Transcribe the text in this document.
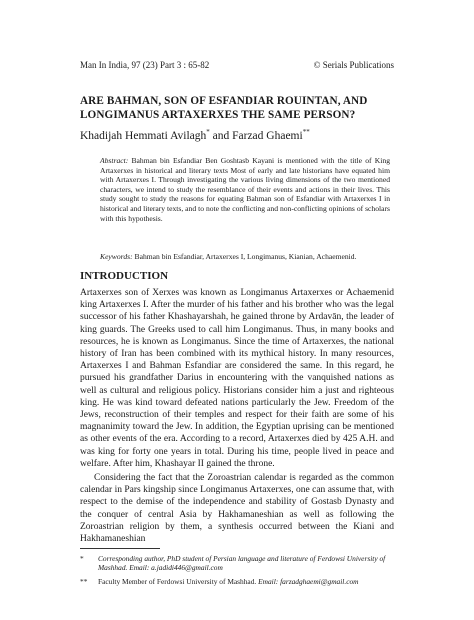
Man In India, 97 (23) Part 3 : 65-82	© Serials Publications
ARE BAHMAN, SON OF ESFANDIAR ROUINTAN, AND LONGIMANUS ARTAXERXES THE SAME PERSON?
Khadijah Hemmati Avilagh* and Farzad Ghaemi**
Abstract: Bahman bin Esfandiar Ben Goshtasb Kayani is mentioned with the title of King Artaxerxes in historical and literary texts Most of early and late historians have equated him with Artaxerxes I. Through investigating the various living dimensions of the two mentioned characters, we intend to study the resemblance of their events and actions in their lives. This study sought to study the reasons for equating Bahman son of Esfandiar with Artaxerxes I in historical and literary texts, and to note the conflicting and non-conflicting opinions of scholars with this hypothesis.
Keywords: Bahman bin Esfandiar, Artaxerxes I, Longimanus, Kianian, Achaemenid.
INTRODUCTION

Artaxerxes son of Xerxes was known as Longimanus Artaxerxes or Achaemenid king Artaxerxes I. After the murder of his father and his brother who was the legal successor of his father Khashayarshah, he gained throne by Ardavān, the leader of king guards. The Greeks used to call him Longimanus. Thus, in many books and resources, he is known as Longimanus. Since the time of Artaxerxes, the national history of Iran has been combined with its mythical history. In many resources, Artaxerxes I and Bahman Esfandiar are considered the same. In this regard, he pursued his grandfather Darius in encountering with the vanquished nations as well as cultural and religious policy. Historians consider him a just and righteous king. He was kind toward defeated nations particularly the Jew. Freedom of the Jews, reconstruction of their temples and respect for their faith are some of his magnanimity toward the Jew. In addition, the Egyptian uprising can be mentioned as other events of the era. According to a record, Artaxerxes died by 425 A.H. and was king for forty one years in total. During his time, people lived in peace and welfare. After him, Khashayar II gained the throne.

Considering the fact that the Zoroastrian calendar is regarded as the common calendar in Pars kingship since Longimanus Artaxerxes, one can assume that, with respect to the demise of the independence and stability of Gostasb Dynasty and the conquer of central Asia by Hakhamaneshian as well as following the Zoroastrian religion by them, a synthesis occurred between the Kiani and Hakhamaneshian

*	Corresponding author, PhD student of Persian language and literature of Ferdowsi University of Mashhad. Email: a.jadidi446@gmail.com
**	Faculty Member of Ferdowsi University of Mashhad. Email: farzadghaemi@gmail.com
